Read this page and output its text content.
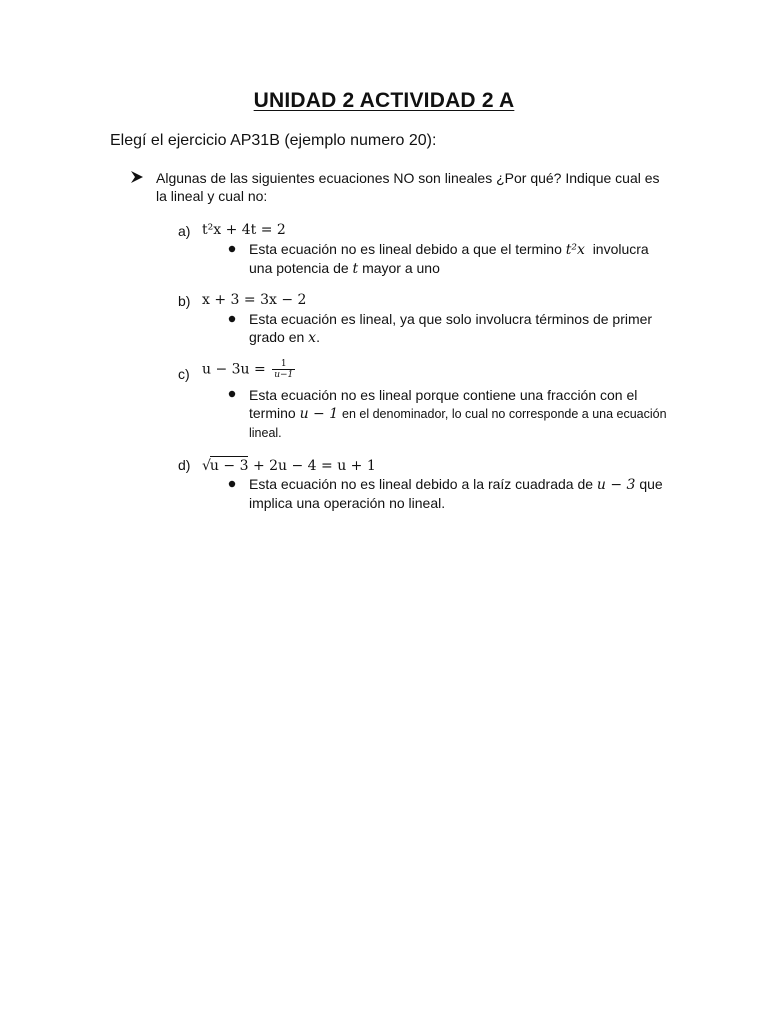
UNIDAD 2 ACTIVIDAD 2 A
Elegí el ejercicio AP31B (ejemplo numero 20):
Algunas de las siguientes ecuaciones NO son lineales ¿Por qué? Indique cual es la lineal y cual no:
a) t²x + 4t = 2
Esta ecuación no es lineal debido a que el termino t²x involucra una potencia de t mayor a uno
b) x + 3 = 3x − 2
Esta ecuación es lineal, ya que solo involucra términos de primer grado en x.
c) $u - 3u = \frac{1}{u-1}$
Esta ecuación no es lineal porque contiene una fracción con el termino u − 1 en el denominador, lo cual no corresponde a una ecuación lineal.
d) √u − 3 + 2u − 4 = u + 1
Esta ecuación no es lineal debido a la raíz cuadrada de u − 3 que implica una operación no lineal.
